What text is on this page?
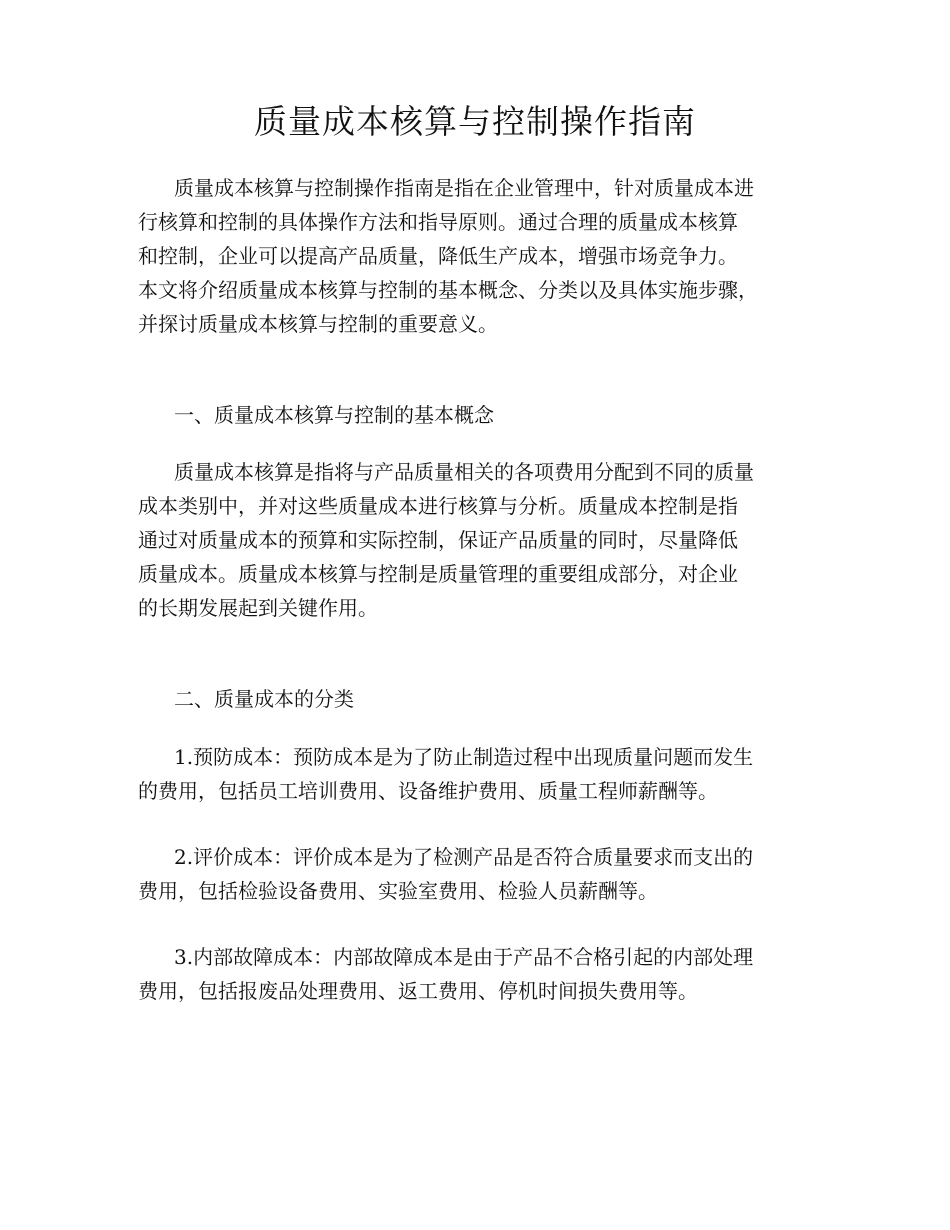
质量成本核算与控制操作指南
质量成本核算与控制操作指南是指在企业管理中，针对质量成本进
行核算和控制的具体操作方法和指导原则。通过合理的质量成本核算
和控制，企业可以提高产品质量，降低生产成本，增强市场竞争力。
本文将介绍质量成本核算与控制的基本概念、分类以及具体实施步骤，
并探讨质量成本核算与控制的重要意义。
一、质量成本核算与控制的基本概念
质量成本核算是指将与产品质量相关的各项费用分配到不同的质量
成本类别中，并对这些质量成本进行核算与分析。质量成本控制是指
通过对质量成本的预算和实际控制，保证产品质量的同时，尽量降低
质量成本。质量成本核算与控制是质量管理的重要组成部分，对企业
的长期发展起到关键作用。
二、质量成本的分类
1.预防成本：预防成本是为了防止制造过程中出现质量问题而发生
的费用，包括员工培训费用、设备维护费用、质量工程师薪酬等。
2.评价成本：评价成本是为了检测产品是否符合质量要求而支出的
费用，包括检验设备费用、实验室费用、检验人员薪酬等。
3.内部故障成本：内部故障成本是由于产品不合格引起的内部处理
费用，包括报废品处理费用、返工费用、停机时间损失费用等。
